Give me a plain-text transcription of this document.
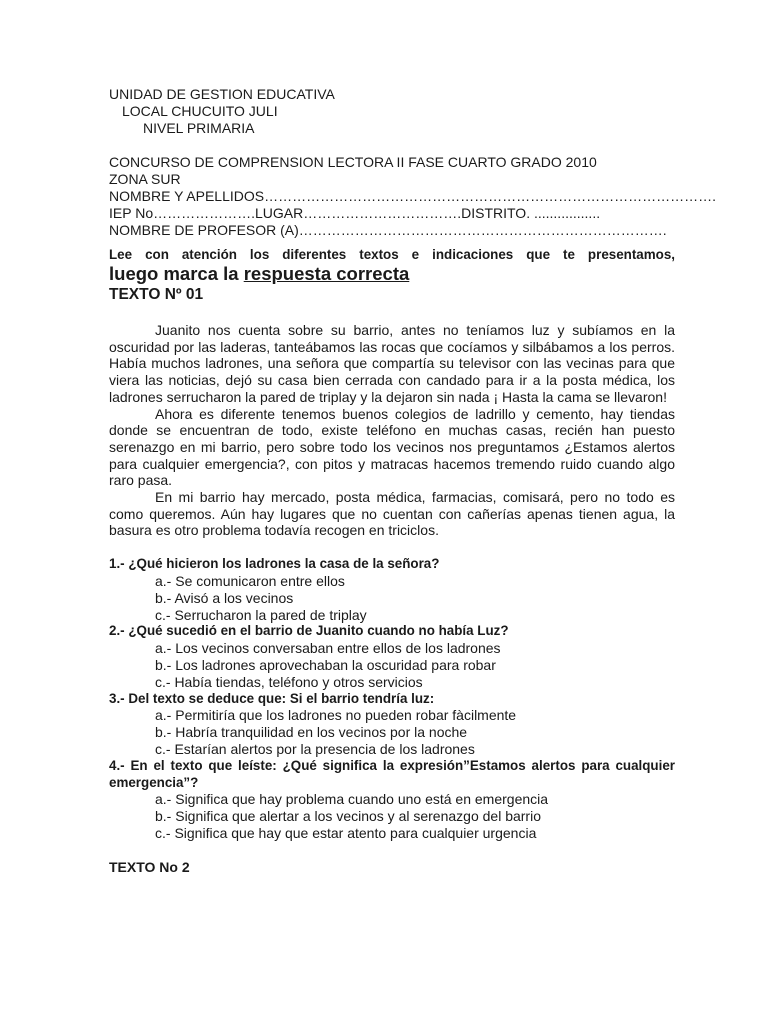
UNIDAD DE GESTION EDUCATIVA
LOCAL CHUCUITO JULI
NIVEL PRIMARIA
CONCURSO DE COMPRENSION LECTORA II FASE CUARTO GRADO 2010
ZONA SUR
NOMBRE Y APELLIDOS…………………………………………………………………………………….
IEP No………………….LUGAR…………………………….DISTRITO. .................
NOMBRE DE PROFESOR (A)…………………………………………………………………….
Lee con atención los diferentes textos e indicaciones que te presentamos,
luego marca la respuesta correcta
TEXTO Nº 01

Juanito nos cuenta sobre su barrio, antes no teníamos luz y subíamos en la oscuridad por las laderas, tanteábamos las rocas que cocíamos y silbábamos a los perros. Había muchos ladrones, una señora que compartía su televisor con las vecinas para que viera las noticias, dejó su casa bien cerrada con candado para ir a la posta médica, los ladrones serrucharon la pared de triplay y la dejaron sin nada ¡ Hasta la cama se llevaron!

Ahora es diferente tenemos buenos colegios de ladrillo y cemento, hay tiendas donde se encuentran de todo, existe teléfono en muchas casas, recién han puesto serenazgo en mi barrio, pero sobre todo los vecinos nos preguntamos ¿Estamos alertos para cualquier emergencia?, con pitos y matracas hacemos tremendo ruido cuando algo raro pasa.

En mi barrio hay mercado, posta médica, farmacias, comisará, pero no todo es como queremos. Aún hay lugares que no cuentan con cañerías apenas tienen agua, la basura es otro problema todavía recogen en triciclos.

1.- ¿Qué hicieron los ladrones la casa de la señora?
a.- Se comunicaron entre ellos
b.- Avisó a los vecinos
c.- Serrucharon la pared de triplay
2.- ¿Qué sucedió en el barrio de Juanito cuando no había Luz?
a.- Los vecinos conversaban entre ellos de los ladrones
b.- Los ladrones aprovechaban la oscuridad para robar
c.- Había tiendas, teléfono y otros servicios
3.- Del texto se deduce que: Si el barrio tendría luz:
a.- Permitiría que los ladrones no pueden robar fàcilmente
b.- Habría tranquilidad en los vecinos por la noche
c.- Estarían alertos por la presencia de los ladrones
4.- En el texto que leíste: ¿Qué significa la expresión”Estamos alertos para cualquier emergencia”?
a.- Significa que hay problema cuando uno está en emergencia
b.- Significa que alertar a los vecinos y al serenazgo del barrio
c.- Significa que hay que estar atento para cualquier urgencia
TEXTO No 2
